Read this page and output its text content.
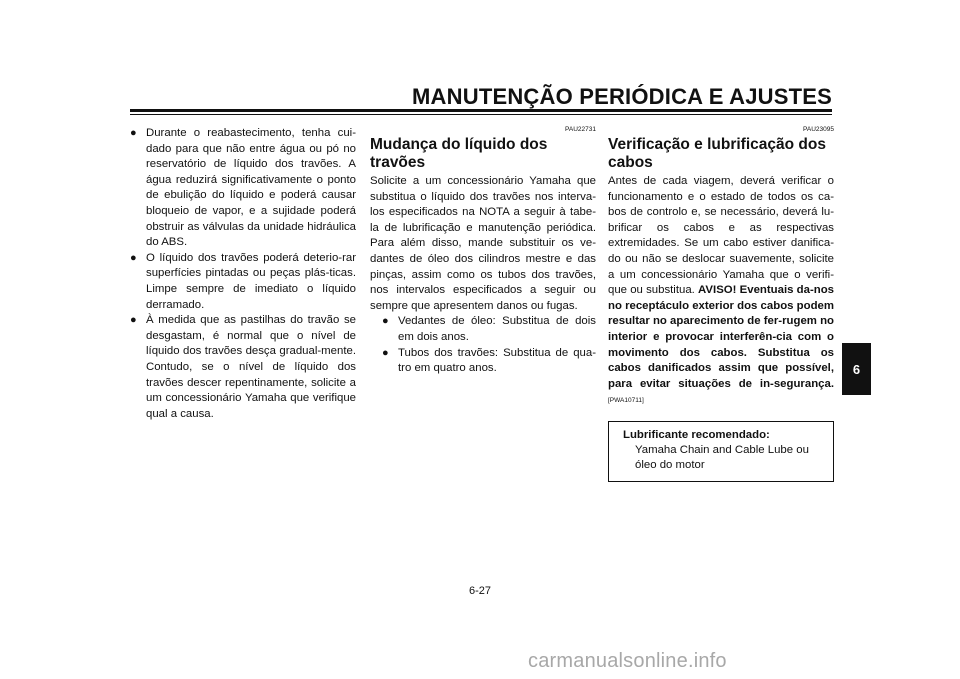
MANUTENÇÃO PERIÓDICA E AJUSTES
● Durante o reabastecimento, tenha cui-dado para que não entre água ou pó no reservatório de líquido dos travões. A água reduzirá significativamente o ponto de ebulição do líquido e poderá causar bloqueio de vapor, e a sujidade poderá obstruir as válvulas da unidade hidráulica do ABS.
● O líquido dos travões poderá deterio-rar superfícies pintadas ou peças plás-ticas. Limpe sempre de imediato o líquido derramado.
● À medida que as pastilhas do travão se desgastam, é normal que o nível de líquido dos travões desça gradual-mente. Contudo, se o nível de líquido dos travões descer repentinamente, solicite a um concessionário Yamaha que verifique qual a causa.
PAU22731
Mudança do líquido dos travões
Solicite a um concessionário Yamaha que substitua o líquido dos travões nos interva-los especificados na NOTA a seguir à tabe-la de lubrificação e manutenção periódica. Para além disso, mande substituir os ve-dantes de óleo dos cilindros mestre e das pinças, assim como os tubos dos travões, nos intervalos especificados a seguir ou sempre que apresentem danos ou fugas.
● Vedantes de óleo: Substitua de dois em dois anos.
● Tubos dos travões: Substitua de qua-tro em quatro anos.
PAU23095
Verificação e lubrificação dos cabos
Antes de cada viagem, deverá verificar o funcionamento e o estado de todos os ca-bos de controlo e, se necessário, deverá lu-brificar os cabos e as respectivas extremidades. Se um cabo estiver danifica-do ou não se deslocar suavemente, solicite a um concessionário Yamaha que o verifi-que ou substitua. AVISO! Eventuais da-nos no receptáculo exterior dos cabos podem resultar no aparecimento de fer-rugem no interior e provocar interferên-cia com o movimento dos cabos. Substitua os cabos danificados assim que possível, para evitar situações de in-segurança.[PWA10711]
Lubrificante recomendado:
Yamaha Chain and Cable Lube ou
óleo do motor
6
6-27
carmanualsonline.info
